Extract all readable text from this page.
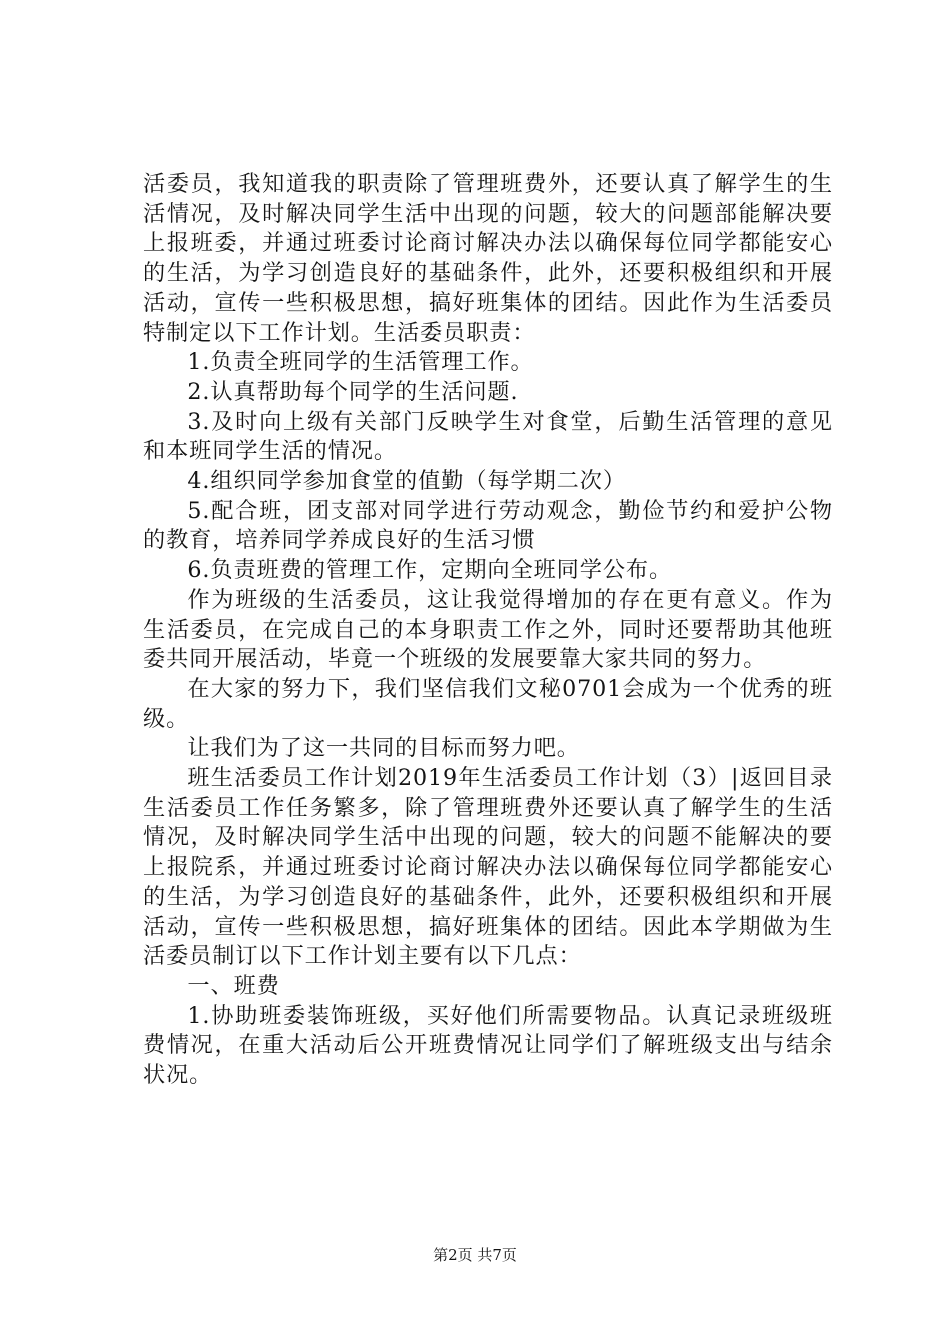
活委员，我知道我的职责除了管理班费外，还要认真了解学生的生活情况，及时解决同学生活中出现的问题，较大的问题部能解决要上报班委，并通过班委讨论商讨解决办法以确保每位同学都能安心的生活，为学习创造良好的基础条件，此外，还要积极组织和开展活动，宣传一些积极思想，搞好班集体的团结。因此作为生活委员特制定以下工作计划。生活委员职责：

1.负责全班同学的生活管理工作。

2.认真帮助每个同学的生活问题.

3.及时向上级有关部门反映学生对食堂，后勤生活管理的意见和本班同学生活的情况。

4.组织同学参加食堂的值勤（每学期二次）

5.配合班，团支部对同学进行劳动观念，勤俭节约和爱护公物的教育，培养同学养成良好的生活习惯

6.负责班费的管理工作，定期向全班同学公布。

作为班级的生活委员，这让我觉得增加的存在更有意义。作为生活委员，在完成自己的本身职责工作之外，同时还要帮助其他班委共同开展活动，毕竟一个班级的发展要靠大家共同的努力。

在大家的努力下，我们坚信我们文秘0701会成为一个优秀的班级。

让我们为了这一共同的目标而努力吧。

班生活委员工作计划2019年生活委员工作计划（3）|返回目录生活委员工作任务繁多，除了管理班费外还要认真了解学生的生活情况，及时解决同学生活中出现的问题，较大的问题不能解决的要上报院系，并通过班委讨论商讨解决办法以确保每位同学都能安心的生活，为学习创造良好的基础条件，此外，还要积极组织和开展活动，宣传一些积极思想，搞好班集体的团结。因此本学期做为生活委员制订以下工作计划主要有以下几点：

一、班费

1.协助班委装饰班级，买好他们所需要物品。认真记录班级班费情况，在重大活动后公开班费情况让同学们了解班级支出与结余状况。

第2页 共7页
